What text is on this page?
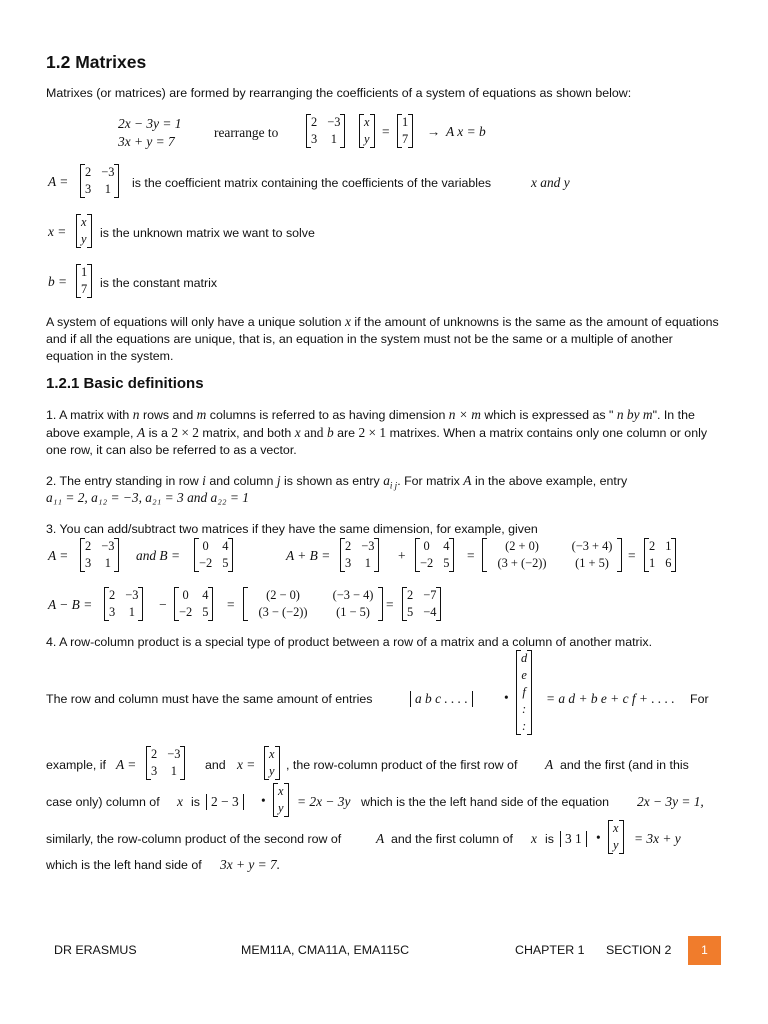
1.2 Matrixes
Matrixes (or matrices) are formed by rearranging the coefficients of a system of equations as shown below:
2x − 3y = 1
3x + y = 7
rearrange to
2	−3
3	1
x
y =
1
7 → A x = b
A =
2	−3
3	1 is the coefficient matrix containing the coefficients of the variables	x and y
x =
x
y is the unknown matrix we want to solve
b =
1
7 is the constant matrix
A system of equations will only have a unique solution x if the amount of unknowns is the same as the amount of equations and if all the equations are unique, that is, an equation in the system must not be the same or a multiple of another equation in the system.
1.2.1 Basic definitions
1. A matrix with n rows and m columns is referred to as having dimension n × m which is expressed as " n by m". In the above example, A is a 2 × 2 matrix, and both x and b are 2 × 1 matrixes. When a matrix contains only one column or only one row, it can also be referred to as a vector.
2. The entry standing in row i and column j is shown as entry $a_{i j}$. For matrix A in the above example, entry
a₁₁ = 2, a₁₂ = −3, a₂₁ = 3 and a₂₂ = 1
3. You can add/subtract two matrices if they have the same dimension, for example, given
A =
2	−3
3	1 and B =
0	4
−2	5	A + B =
2	−3
3	1 +
0	4
−2	5 =
(2 + 0)	(−3 + 4)
(3 + (−2))	(1 + 5) =
2	1
1	6
A − B =
2	−3
3	1 −
0	4
−2	5 =
(2 − 0)	(−3 − 4)
(3 − (−2))	(1 − 5) =
2	−7
5	−4
4. A row-column product is a special type of product between a row of a matrix and a column of another matrix.
The row and column must have the same amount of entries	a b c . . . .	•
d
e
f
:
:
= a d + b e + c f + . . . . For
example, if A =
2	−3
3	1 and x =
x
y , the row-column product of the first row of A and the first (and in this
case only) column of x is 2 − 3	•
x
y = 2x − 3y which is the the left hand side of the equation 2x − 3y = 1,
similarly, the row-column product of the second row of	A and the first column of x is 3 1	•
x
y = 3x + y
which is the left hand side of 3x + y = 7.
DR ERASMUS	MEM11A, CMA11A, EMA115C	CHAPTER 1 SECTION 2	1
